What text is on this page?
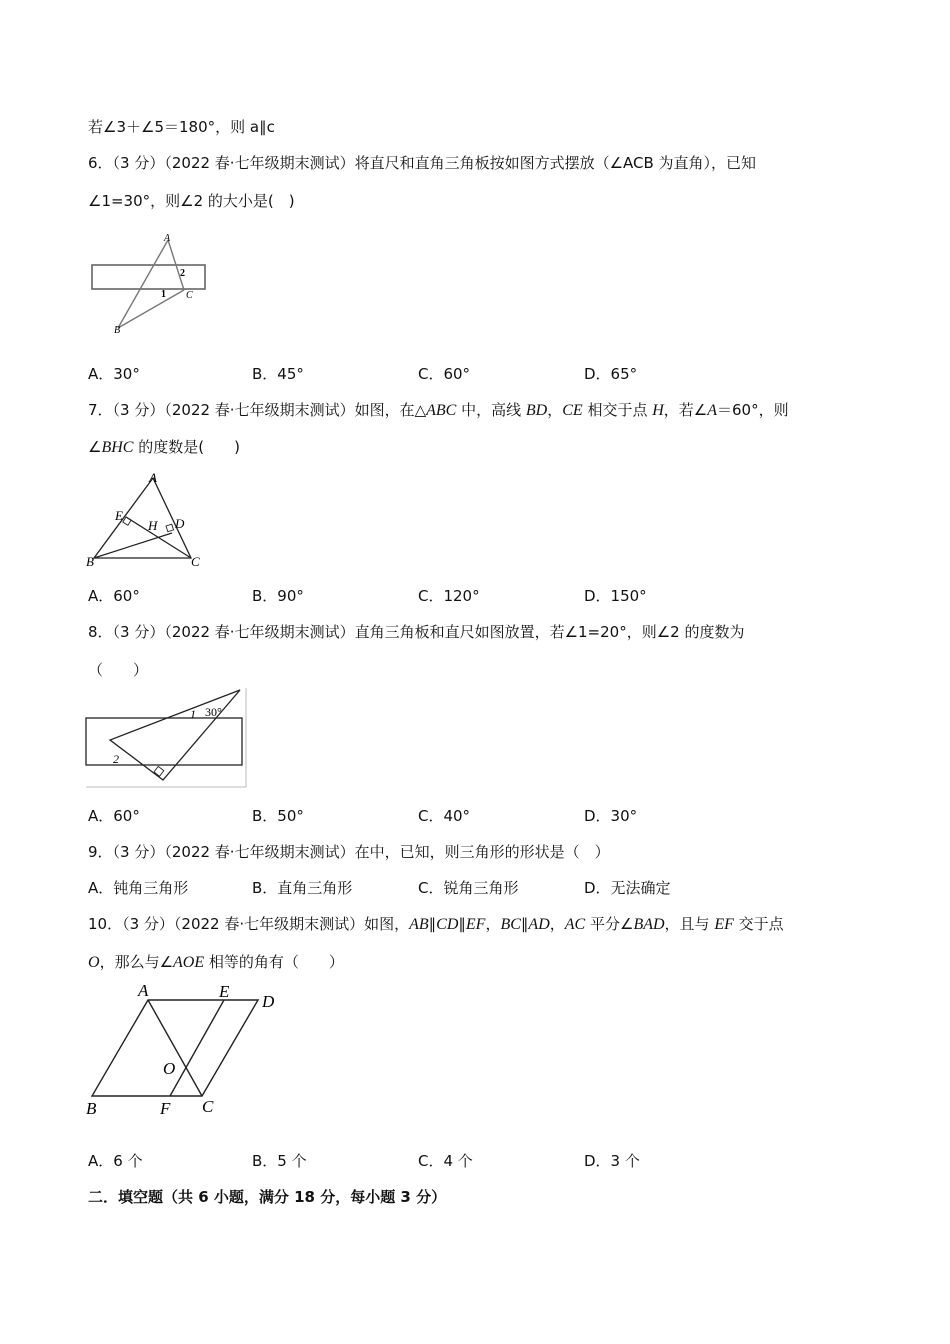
若∠3＋∠5＝180°，则 a∥c
6．（3 分）（2022 春·七年级期末测试）将直尺和直角三角板按如图方式摆放（∠ACB 为直角），已知
∠1=30°，则∠2 的大小是(　)
A
B
C
1
2
A．30°	B．45°	C．60°	D．65°
7．（3 分）（2022 春·七年级期末测试）如图，在△ABC 中，高线 BD，CE 相交于点 H，若∠A＝60°，则
∠BHC 的度数是(　　)
A
B	C
D
E
H
A．60°	B．90°	C．120°	D．150°
8．（3 分）（2022 春·七年级期末测试）直角三角板和直尺如图放置，若∠1=20°，则∠2 的度数为
（　　）
1 30°
2
A．60°	B．50°	C．40°	D．30°
9．（3 分）（2022 春·七年级期末测试）在中，已知，则三角形的形状是（　）
A．钝角三角形	B．直角三角形	C．锐角三角形	D．无法确定
10．（3 分）（2022 春·七年级期末测试）如图，AB∥CD∥EF，BC∥AD，AC 平分∠BAD，且与 EF 交于点
O，那么与∠AOE 相等的角有（　　）
A	E
D
B	F C
O
A．6 个	B．5 个	C．4 个	D．3 个
二．填空题（共 6 小题，满分 18 分，每小题 3 分）
